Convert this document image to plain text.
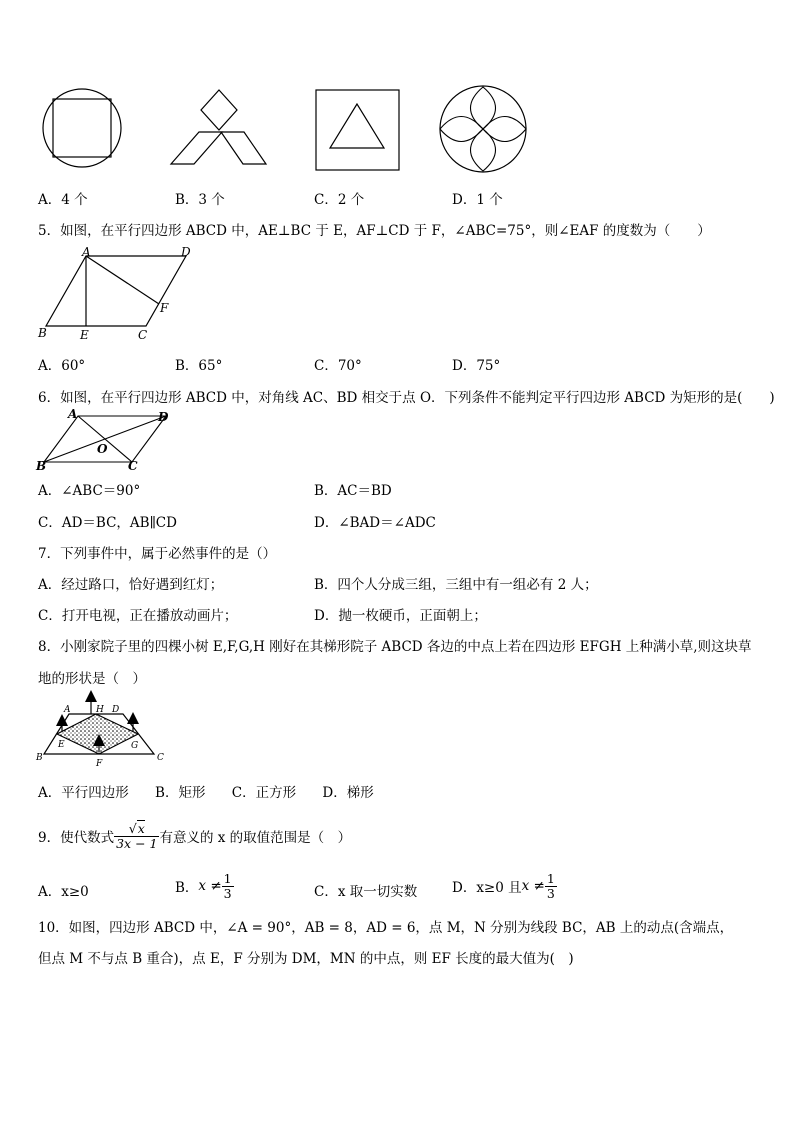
A．4 个	B．3 个	C．2 个	D．1 个
5．如图，在平行四边形 ABCD 中，AE⊥BC 于 E，AF⊥CD 于 F，∠ABC=75°，则∠EAF 的度数为（　　）
A	D
B	E	C
F
A．60°	B．65°	C．70°	D．75°
6．如图，在平行四边形 ABCD 中，对角线 AC、BD 相交于点 O．下列条件不能判定平行四边形 ABCD 为矩形的是(　　)
A	D
B	C
O
A．∠ABC＝90°	B．AC＝BD
C．AD＝BC，AB∥CD	D．∠BAD＝∠ADC
7．下列事件中，属于必然事件的是（）
A．经过路口，恰好遇到红灯；	B．四个人分成三组，三组中有一组必有 2 人；
C．打开电视，正在播放动画片；	D．抛一枚硬币，正面朝上；
8．小刚家院子里的四棵小树 E,F,G,H 刚好在其梯形院子 ABCD 各边的中点上若在四边形 EFGH 上种满小草,则这块草
地的形状是（　）
A	H D
E	G
B	C
F
A．平行四边形 B．矩形 C．正方形 D．梯形
9．使代数式 $\frac{√x}{3x - 1}$ 有意义的 x 的取值范围是（　）
A．x≥0	B． $x \ne \frac{1}{3}$	C．x 取一切实数	D．x≥0 且 $x \ne \frac{1}{3}$
10．如图，四边形 ABCD 中，∠A = 90°，AB = 8，AD = 6，点 M，N 分别为线段 BC，AB 上的动点(含端点，
但点 M 不与点 B 重合)，点 E，F 分别为 DM，MN 的中点，则 EF 长度的最大值为(　)
